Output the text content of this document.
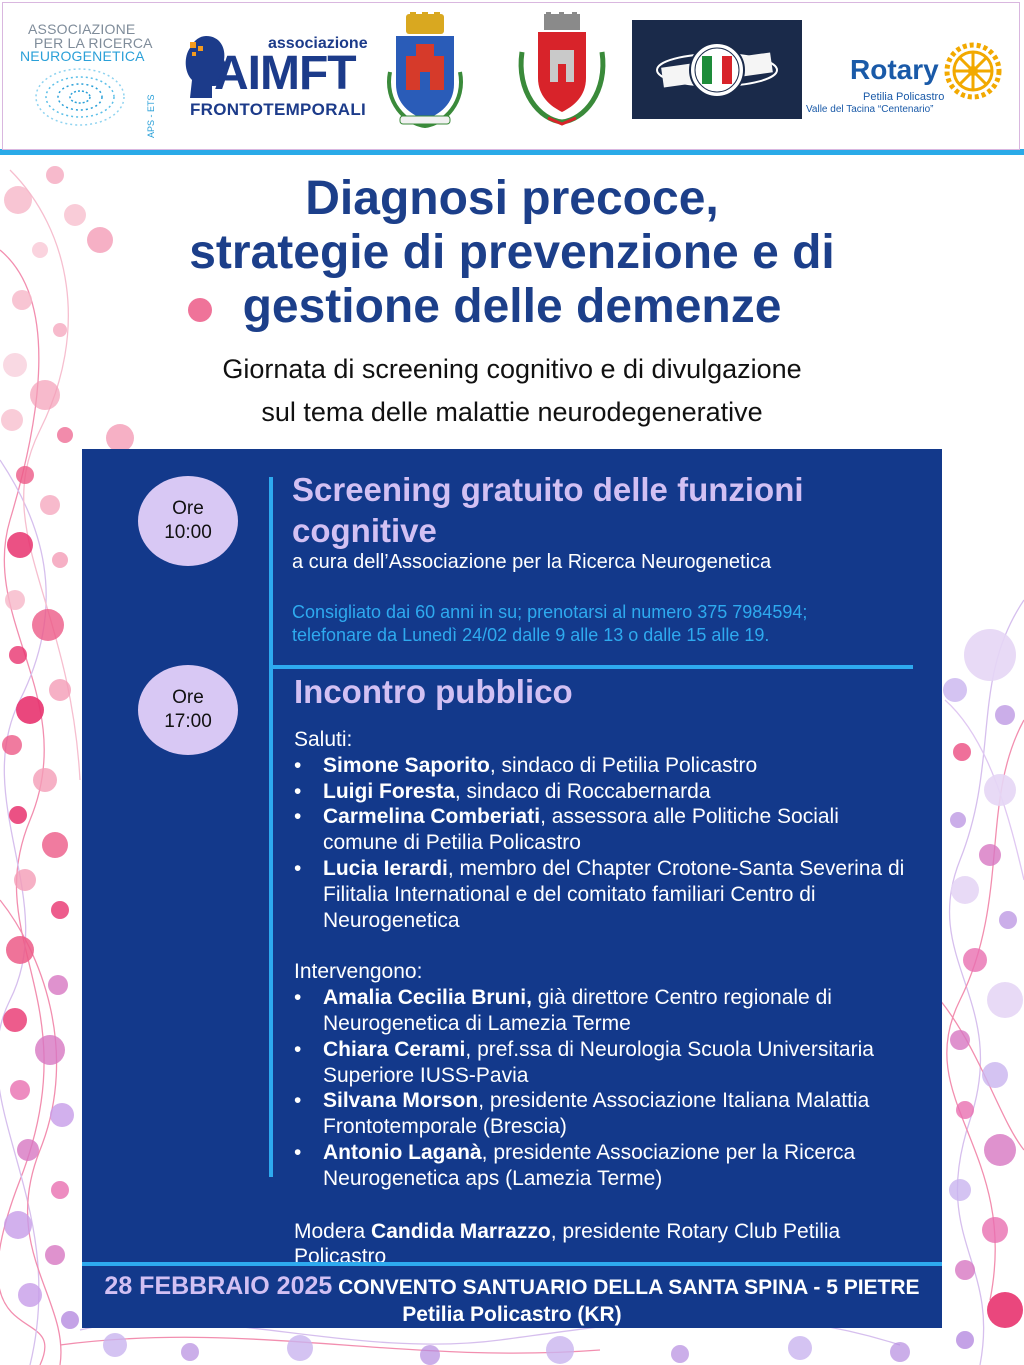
ASSOCIAZIONE
PER LA RICERCA
NEUROGENETICA
APS - ETS
associazione
AIMFT
FRONTOTEMPORALI
Rotary
Petilia Policastro
Valle del Tacina “Centenario”
Diagnosi precoce,
strategie di prevenzione e di
gestione delle demenze

Giornata di screening cognitivo e di divulgazione
sul tema delle malattie neurodegenerative

Ore
10:00
Screening gratuito delle funzioni cognitive
a cura dell’Associazione per la Ricerca Neurogenetica
Consigliato dai 60 anni in su; prenotarsi al numero 375 7984594;
telefonare da Lunedì 24/02 dalle 9 alle 13 o dalle 15 alle 19.
Ore
17:00
Incontro pubblico

Saluti:

• Simone Saporito, sindaco di Petilia Policastro
• Luigi Foresta, sindaco di Roccabernarda
• Carmelina Comberiati, assessora alle Politiche Sociali comune di Petilia Policastro
• Lucia Ierardi, membro del Chapter Crotone-Santa Severina di Filitalia International e del comitato familiari Centro di Neurogenetica

Intervengono:

• Amalia Cecilia Bruni, già direttore Centro regionale di Neurogenetica di Lamezia Terme
• Chiara Cerami, pref.ssa di Neurologia Scuola Universitaria Superiore IUSS-Pavia
• Silvana Morson, presidente Associazione Italiana Malattia Frontotemporale (Brescia)
• Antonio Laganà, presidente Associazione per la Ricerca Neurogenetica aps (Lamezia Terme)

Modera Candida Marrazzo, presidente Rotary Club Petilia Policastro

28 FEBBRAIO 2025 CONVENTO SANTUARIO DELLA SANTA SPINA - 5 PIETRE

Petilia Policastro (KR)
